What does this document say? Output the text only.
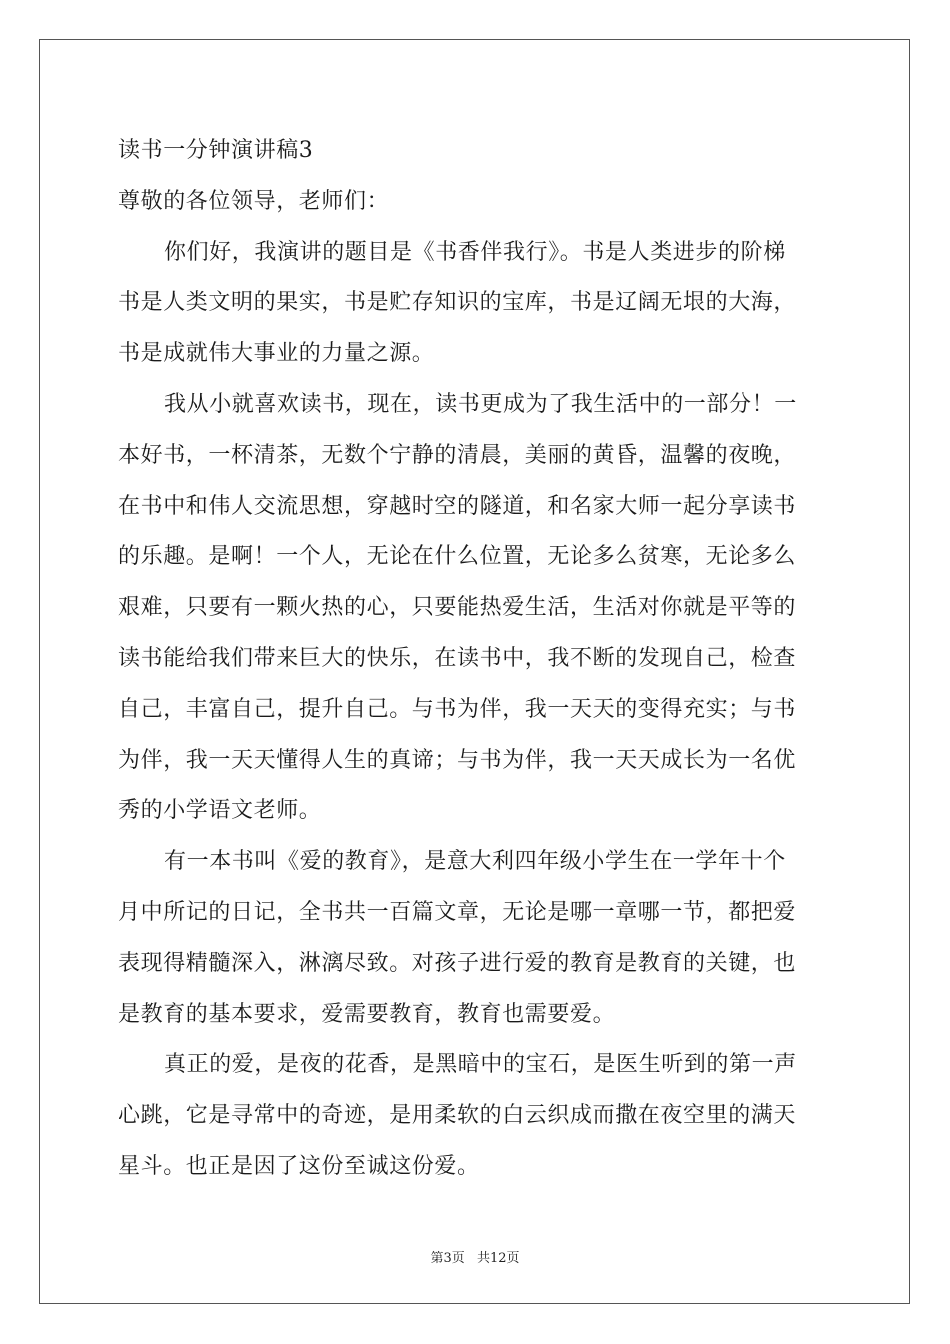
读书一分钟演讲稿3
尊敬的各位领导，老师们：
你们好，我演讲的题目是《书香伴我行》。书是人类进步的阶梯
书是人类文明的果实，书是贮存知识的宝库，书是辽阔无垠的大海，
书是成就伟大事业的力量之源。
我从小就喜欢读书，现在，读书更成为了我生活中的一部分！一
本好书，一杯清茶，无数个宁静的清晨，美丽的黄昏，温馨的夜晚，
在书中和伟人交流思想，穿越时空的隧道，和名家大师一起分享读书
的乐趣。是啊！一个人，无论在什么位置，无论多么贫寒，无论多么
艰难，只要有一颗火热的心，只要能热爱生活，生活对你就是平等的
读书能给我们带来巨大的快乐，在读书中，我不断的发现自己，检查
自己，丰富自己，提升自己。与书为伴，我一天天的变得充实；与书
为伴，我一天天懂得人生的真谛；与书为伴，我一天天成长为一名优
秀的小学语文老师。
有一本书叫《爱的教育》，是意大利四年级小学生在一学年十个
月中所记的日记，全书共一百篇文章，无论是哪一章哪一节，都把爱
表现得精髓深入，淋漓尽致。对孩子进行爱的教育是教育的关键，也
是教育的基本要求，爱需要教育，教育也需要爱。
真正的爱，是夜的花香，是黑暗中的宝石，是医生听到的第一声
心跳，它是寻常中的奇迹，是用柔软的白云织成而撒在夜空里的满天
星斗。也正是因了这份至诚这份爱。
第3页 共12页
